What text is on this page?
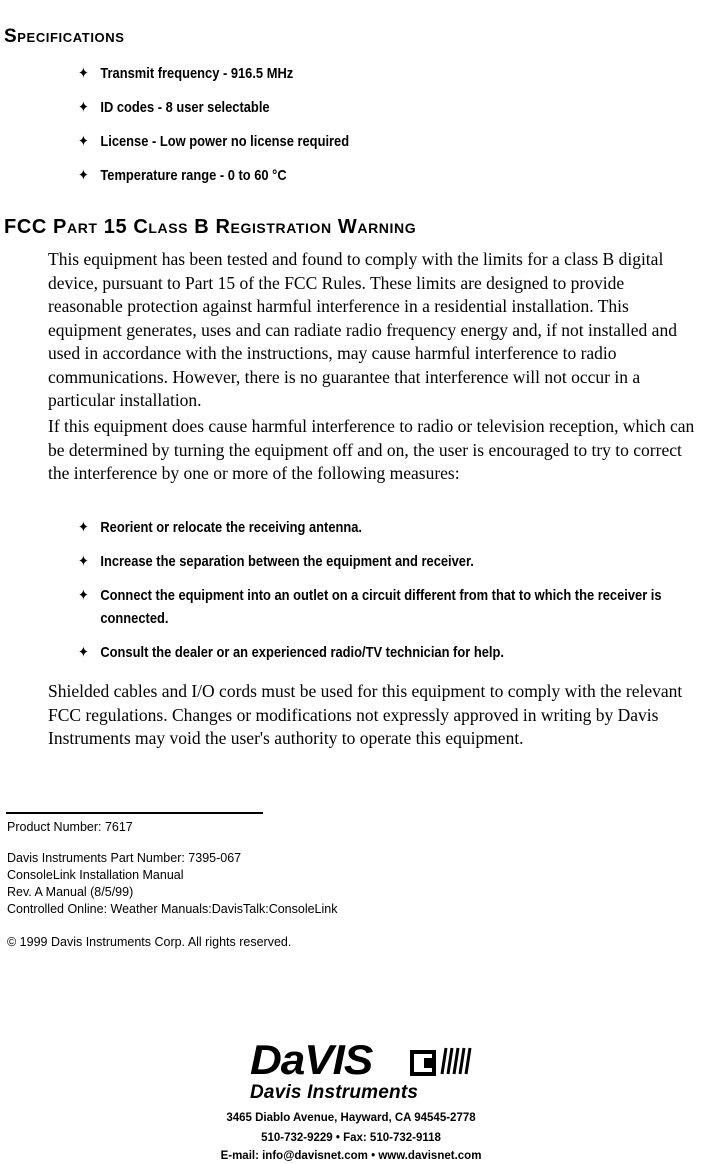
Specifications
✦ Transmit frequency - 916.5 MHz
✦ ID codes - 8 user selectable
✦ License - Low power no license required
✦ Temperature range - 0 to 60 °C
FCC Part 15 Class B Registration Warning

This equipment has been tested and found to comply with the limits for a class B digital device, pursuant to Part 15 of the FCC Rules. These limits are designed to provide reasonable protection against harmful interference in a residential installation. This equipment generates, uses and can radiate radio frequency energy and, if not installed and used in accordance with the instructions, may cause harmful interference to radio communications. However, there is no guarantee that interference will not occur in a particular installation.

If this equipment does cause harmful interference to radio or television reception, which can be determined by turning the equipment off and on, the user is encouraged to try to correct the interference by one or more of the following measures:

✦ Reorient or relocate the receiving antenna.
✦ Increase the separation between the equipment and receiver.
✦ Connect the equipment into an outlet on a circuit different from that to which the receiver is connected.
✦ Consult the dealer or an experienced radio/TV technician for help.

Shielded cables and I/O cords must be used for this equipment to comply with the relevant FCC regulations. Changes or modifications not expressly approved in writing by Davis Instruments may void the user's authority to operate this equipment.

Product Number: 7617
Davis Instruments Part Number: 7395-067
ConsoleLink Installation Manual
Rev. A Manual (8/5/99)
Controlled Online: Weather Manuals:DavisTalk:ConsoleLink
© 1999 Davis Instruments Corp. All rights reserved.
DaVIS
Davis Instruments
3465 Diablo Avenue, Hayward, CA 94545-2778
510-732-9229 • Fax: 510-732-9118
E-mail: info@davisnet.com • www.davisnet.com
